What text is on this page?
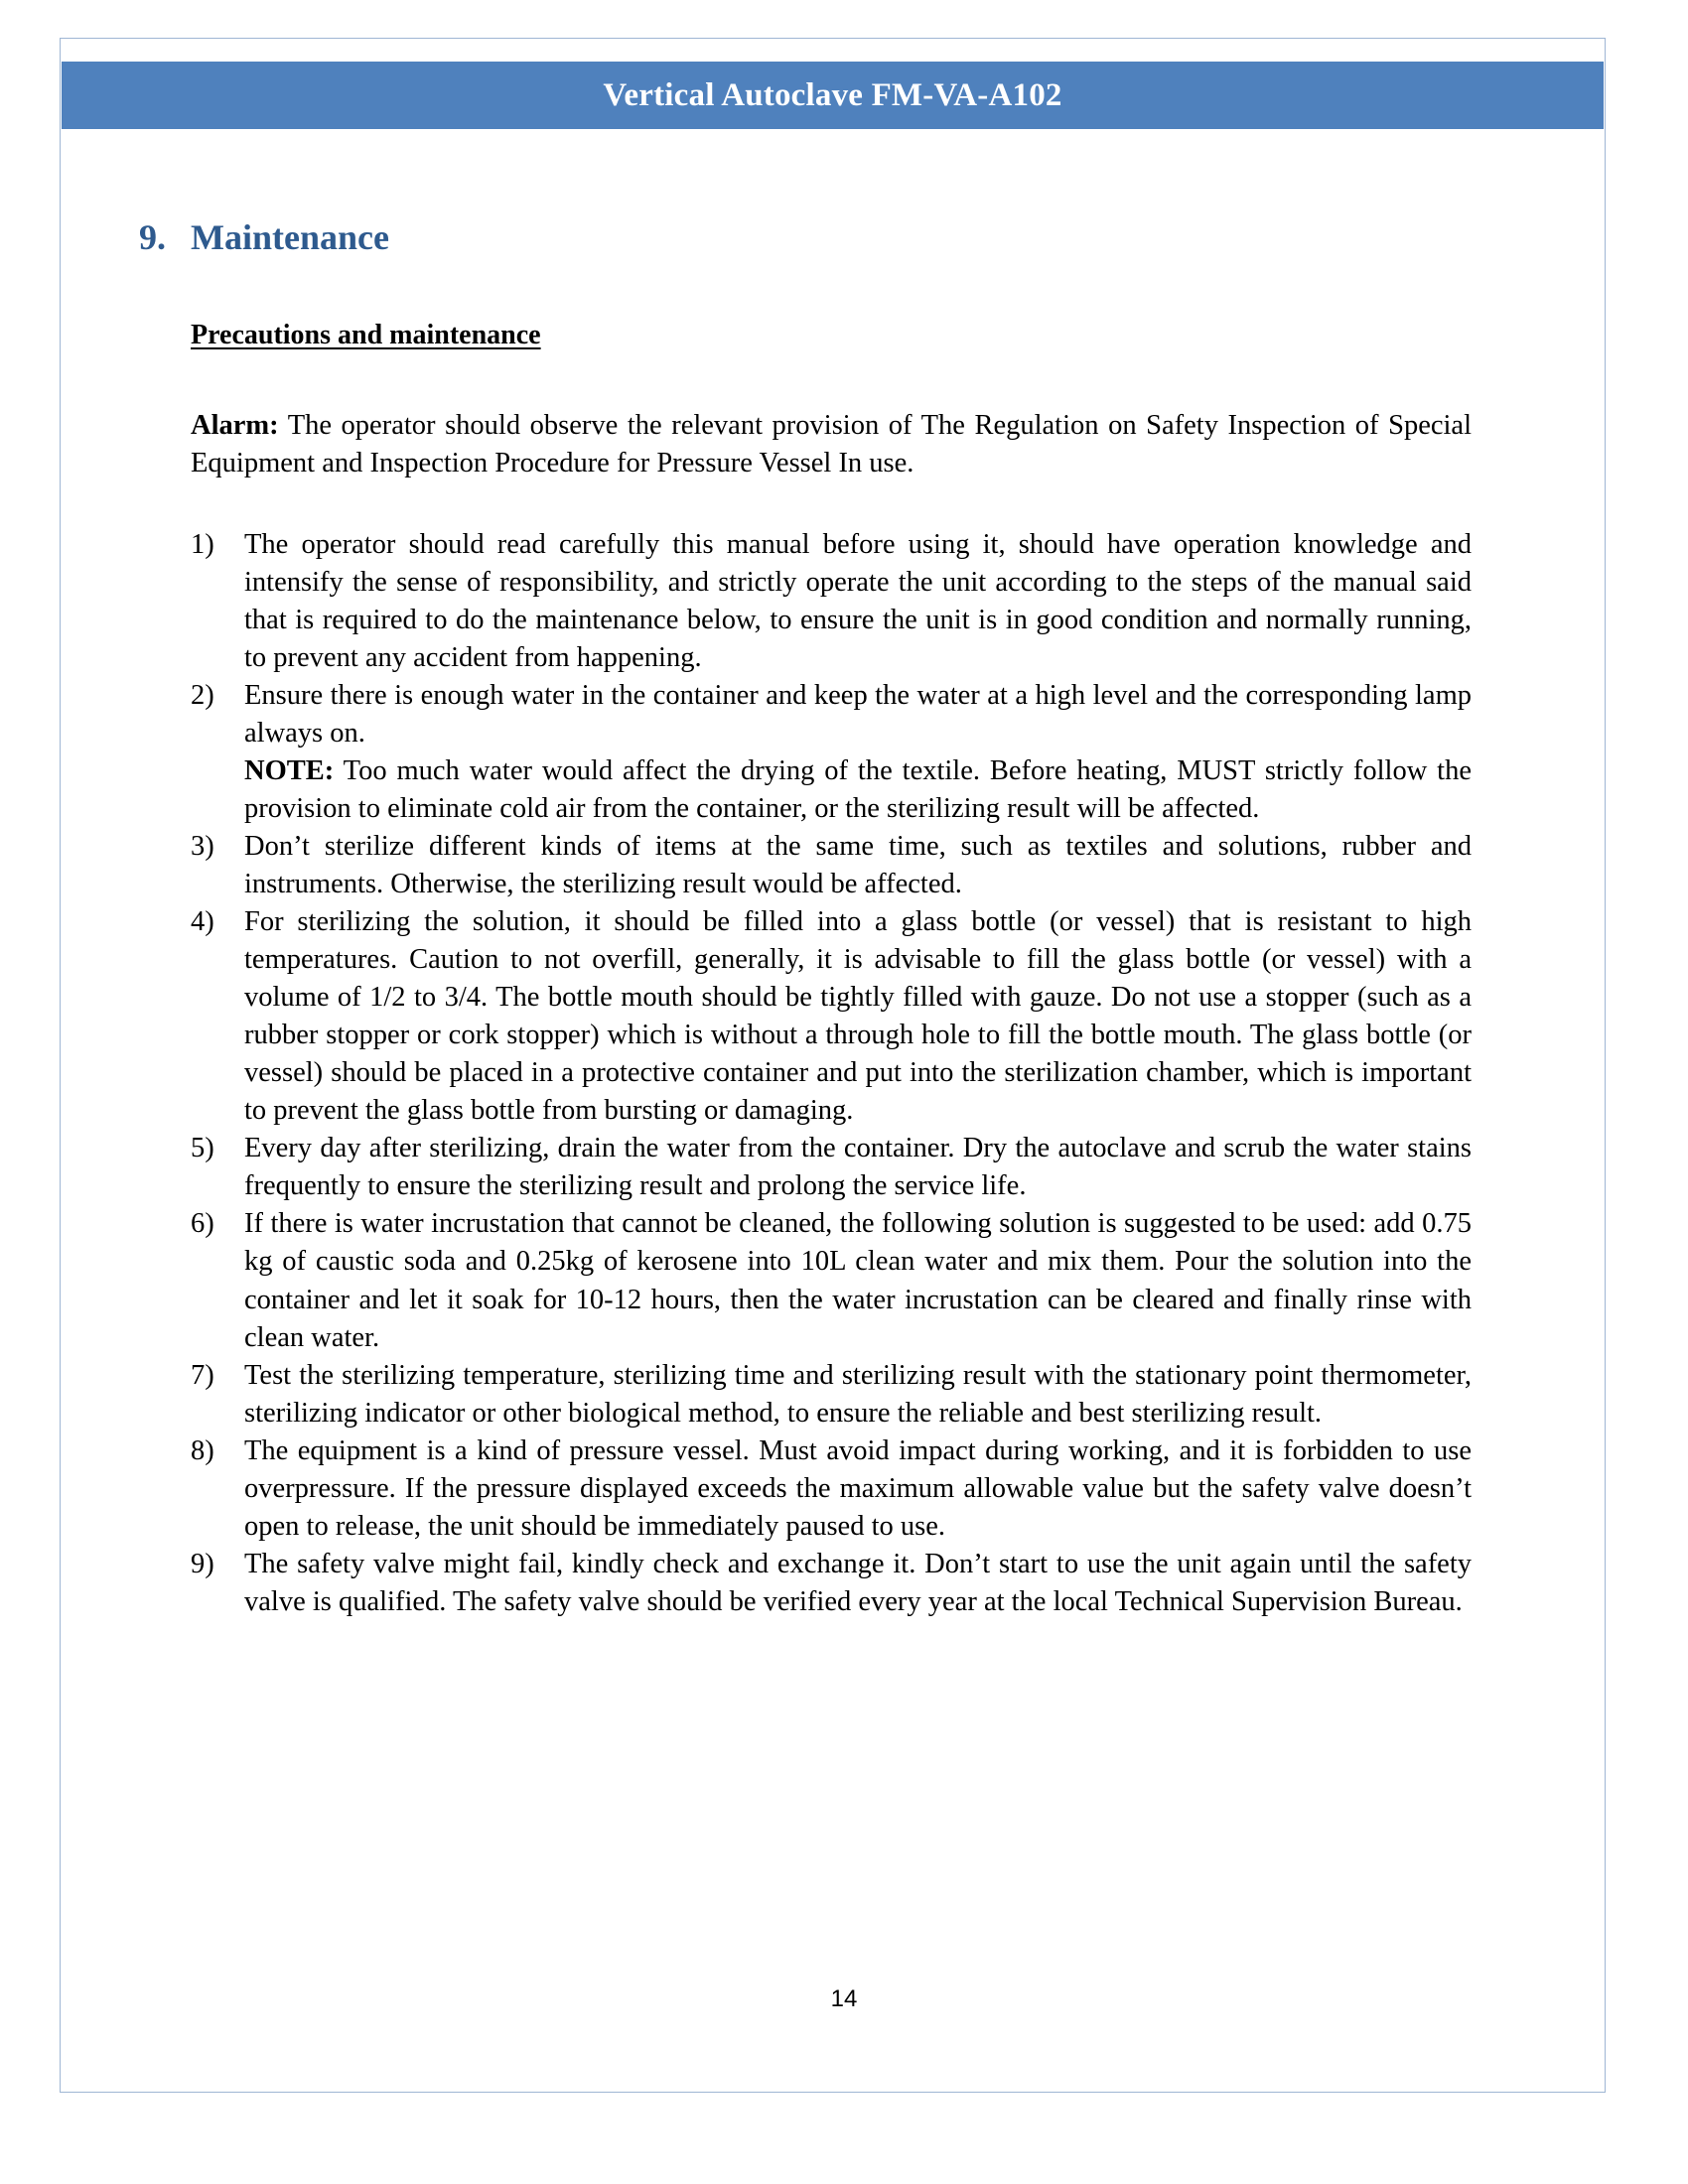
Vertical Autoclave FM-VA-A102
9. Maintenance
Precautions and maintenance

Alarm: The operator should observe the relevant provision of The Regulation on Safety Inspection of Special Equipment and Inspection Procedure for Pressure Vessel In use.

1)	The operator should read carefully this manual before using it, should have operation knowledge and intensify the sense of responsibility, and strictly operate the unit according to the steps of the manual said that is required to do the maintenance below, to ensure the unit is in good condition and normally running, to prevent any accident from happening.
2)	Ensure there is enough water in the container and keep the water at a high level and the corresponding lamp always on.
NOTE: Too much water would affect the drying of the textile. Before heating, MUST strictly follow the provision to eliminate cold air from the container, or the sterilizing result will be affected.
3)	Don’t sterilize different kinds of items at the same time, such as textiles and solutions, rubber and instruments. Otherwise, the sterilizing result would be affected.
4)	For sterilizing the solution, it should be filled into a glass bottle (or vessel) that is resistant to high temperatures. Caution to not overfill, generally, it is advisable to fill the glass bottle (or vessel) with a volume of 1/2 to 3/4. The bottle mouth should be tightly filled with gauze. Do not use a stopper (such as a rubber stopper or cork stopper) which is without a through hole to fill the bottle mouth. The glass bottle (or vessel) should be placed in a protective container and put into the sterilization chamber, which is important to prevent the glass bottle from bursting or damaging.
5)	Every day after sterilizing, drain the water from the container. Dry the autoclave and scrub the water stains frequently to ensure the sterilizing result and prolong the service life.
6)	If there is water incrustation that cannot be cleaned, the following solution is suggested to be used: add 0.75 kg of caustic soda and 0.25kg of kerosene into 10L clean water and mix them. Pour the solution into the container and let it soak for 10-12 hours, then the water incrustation can be cleared and finally rinse with clean water.
7)	Test the sterilizing temperature, sterilizing time and sterilizing result with the stationary point thermometer, sterilizing indicator or other biological method, to ensure the reliable and best sterilizing result.
8)	The equipment is a kind of pressure vessel. Must avoid impact during working, and it is forbidden to use overpressure. If the pressure displayed exceeds the maximum allowable value but the safety valve doesn’t open to release, the unit should be immediately paused to use.
9)	The safety valve might fail, kindly check and exchange it. Don’t start to use the unit again until the safety valve is qualified. The safety valve should be verified every year at the local Technical Supervision Bureau.
14
